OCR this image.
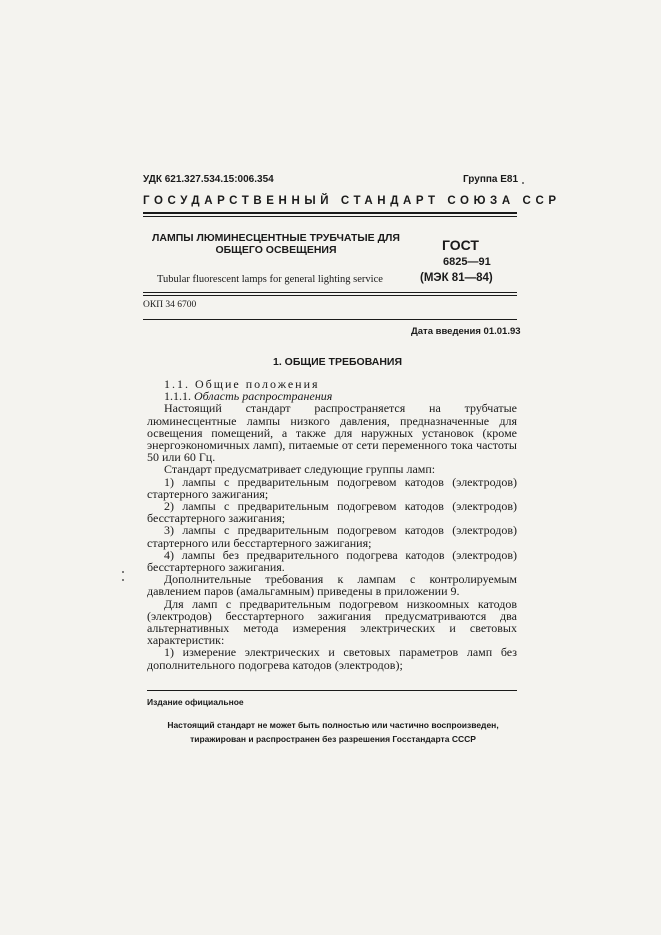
УДК 621.327.534.15:006.354	Группа Е81
ГОСУДАРСТВЕННЫЙ СТАНДАРТ СОЮЗА ССР
ЛАМПЫ ЛЮМИНЕСЦЕНТНЫЕ ТРУБЧАТЫЕ ДЛЯ
ОБЩЕГО ОСВЕЩЕНИЯ	ГОСТ
6825—91
(МЭК 81—84)
Tubular fluorescent lamps for general lighting service
ОКП 34 6700
Дата введения 01.01.93
1. ОБЩИЕ ТРЕБОВАНИЯ

1.1. Общие положения

1.1.1. Область распространения

Настоящий стандарт распространяется на трубчатые люминесцентные лампы низкого давления, предназначенные для освещения помещений, а также для наружных установок (кроме энергоэкономичных ламп), питаемые от сети переменного тока частоты 50 или 60 Гц.

Стандарт предусматривает следующие группы ламп:

1) лампы с предварительным подогревом катодов (электродов) стартерного зажигания;

2) лампы с предварительным подогревом катодов (электродов) бесстартерного зажигания;

3) лампы с предварительным подогревом катодов (электродов) стартерного или бесстартерного зажигания;

4) лампы без предварительного подогрева катодов (электродов) бесстартерного зажигания.

Дополнительные требования к лампам с контролируемым давлением паров (амальгамным) приведены в приложении 9.

Для ламп с предварительным подогревом низкоомных катодов (электродов) бесстартерного зажигания предусматриваются два альтернативных метода измерения электрических и световых характеристик:

1) измерение электрических и световых параметров ламп без дополнительного подогрева катодов (электродов);

Издание официальное
Настоящий стандарт не может быть полностью или частично воспроизведен,
тиражирован и распространен без разрешения Госстандарта СССР
